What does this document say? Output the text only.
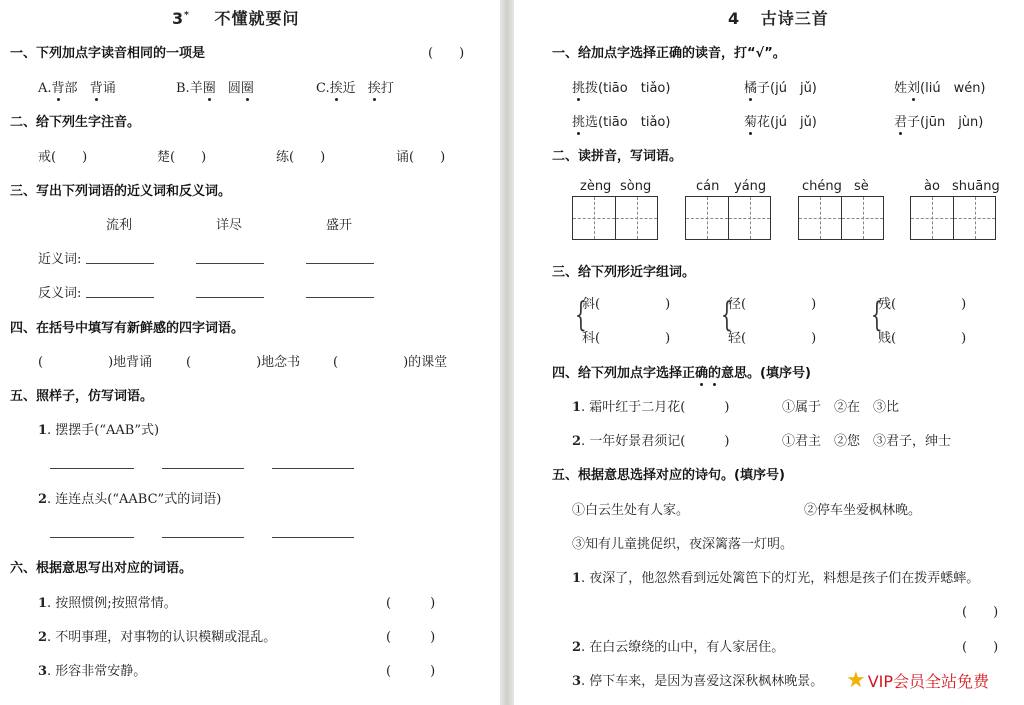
3* 不懂就要问
一、下列加点字读音相同的一项是	(　　)
A.背部 背诵	B.羊圈 圆圈	C.挨近 挨打
二、给下列生字注音。
戒(　　)	楚(　　)	练(　　)	诵(　　)
三、写出下列词语的近义词和反义词。
流利	详尽	盛开
近义词:
反义词:
四、在括号中填写有新鲜感的四字词语。
(　　　　　)地背诵	(　　　　　)地念书	(　　　　　)的课堂
五、照样子，仿写词语。
1. 摆摆手(“AAB”式)
2. 连连点头(“AABC”式的词语)
六、根据意思写出对应的词语。
1. 按照惯例;按照常情。	(　　　)
2. 不明事理，对事物的认识模糊或混乱。	(　　　)
3. 形容非常安静。	(　　　)
4 古诗三首
一、给加点字选择正确的读音，打“√”。
挑拨(tiāo　tiǎo)	橘子(jú　jǔ)	姓刘(liú　wén)
挑选(tiāo　tiǎo)	菊花(jú　jǔ)	君子(jūn　jùn)
二、读拼音，写词语。
zèng sòng	cán yáng	chéng sè	ào shuāng
三、给下列形近字组词。
{
斜(　　　　　)
科(　　　　　)
{
径(　　　　　)
轻(　　　　　)
{
残(　　　　　)
贱(　　　　　)
四、给下列加点字选择正确的意思。(填序号)
1. 霜叶红于二月花(　　　)	①属于　②在　③比
2. 一年好景君须记(　　　)	①君主　②您　③君子，绅士
五、根据意思选择对应的诗句。(填序号)
①白云生处有人家。	②停车坐爱枫林晚。
③知有儿童挑促织，夜深篱落一灯明。
1. 夜深了，他忽然看到远处篱笆下的灯光，料想是孩子们在拨弄蟋蟀。
(　　)
2. 在白云缭绕的山中，有人家居住。	(　　)
3. 停下车来，是因为喜爱这深秋枫林晚景。 ★ VIP会员全站免费
